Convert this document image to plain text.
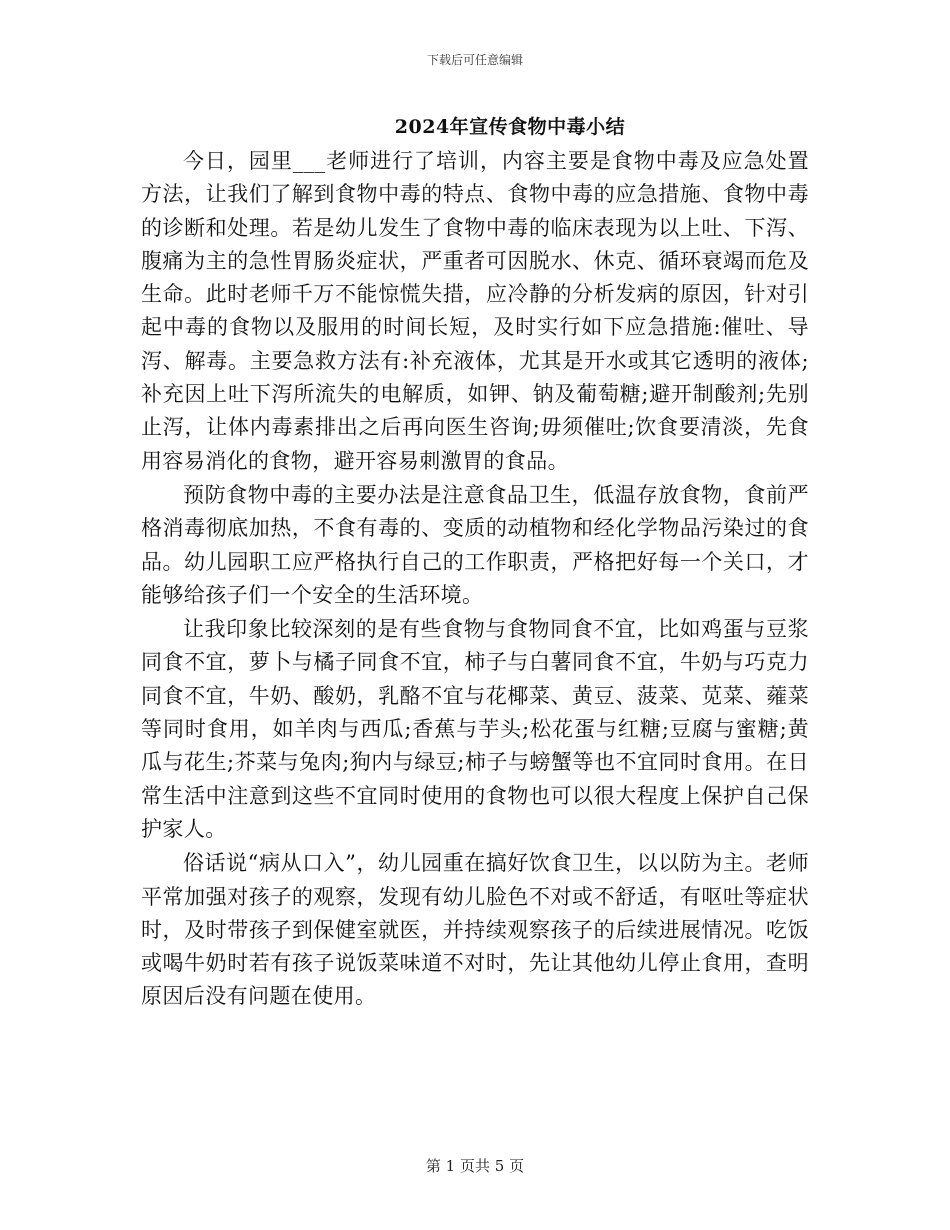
下载后可任意编辑
2024年宣传食物中毒小结

今日，园里___老师进行了培训，内容主要是食物中毒及应急处置方法，让我们了解到食物中毒的特点、食物中毒的应急措施、食物中毒的诊断和处理。若是幼儿发生了食物中毒的临床表现为以上吐、下泻、腹痛为主的急性胃肠炎症状，严重者可因脱水、休克、循环衰竭而危及生命。此时老师千万不能惊慌失措，应冷静的分析发病的原因，针对引起中毒的食物以及服用的时间长短，及时实行如下应急措施:催吐、导泻、解毒。主要急救方法有:补充液体，尤其是开水或其它透明的液体;补充因上吐下泻所流失的电解质，如钾、钠及葡萄糖;避开制酸剂;先别止泻，让体内毒素排出之后再向医生咨询;毋须催吐;饮食要清淡，先食用容易消化的食物，避开容易刺激胃的食品。

预防食物中毒的主要办法是注意食品卫生，低温存放食物，食前严格消毒彻底加热，不食有毒的、变质的动植物和经化学物品污染过的食品。幼儿园职工应严格执行自己的工作职责，严格把好每一个关口，才能够给孩子们一个安全的生活环境。

让我印象比较深刻的是有些食物与食物同食不宜，比如鸡蛋与豆浆同食不宜，萝卜与橘子同食不宜，柿子与白薯同食不宜，牛奶与巧克力同食不宜，牛奶、酸奶，乳酪不宜与花椰菜、黄豆、菠菜、苋菜、蕹菜等同时食用，如羊肉与西瓜;香蕉与芋头;松花蛋与红糖;豆腐与蜜糖;黄瓜与花生;芥菜与兔肉;狗内与绿豆;柿子与螃蟹等也不宜同时食用。在日常生活中注意到这些不宜同时使用的食物也可以很大程度上保护自己保护家人。

俗话说“病从口入”，幼儿园重在搞好饮食卫生，以以防为主。老师平常加强对孩子的观察，发现有幼儿脸色不对或不舒适，有呕吐等症状时，及时带孩子到保健室就医，并持续观察孩子的后续进展情况。吃饭或喝牛奶时若有孩子说饭菜味道不对时，先让其他幼儿停止食用，查明原因后没有问题在使用。

第 1 页共 5 页
